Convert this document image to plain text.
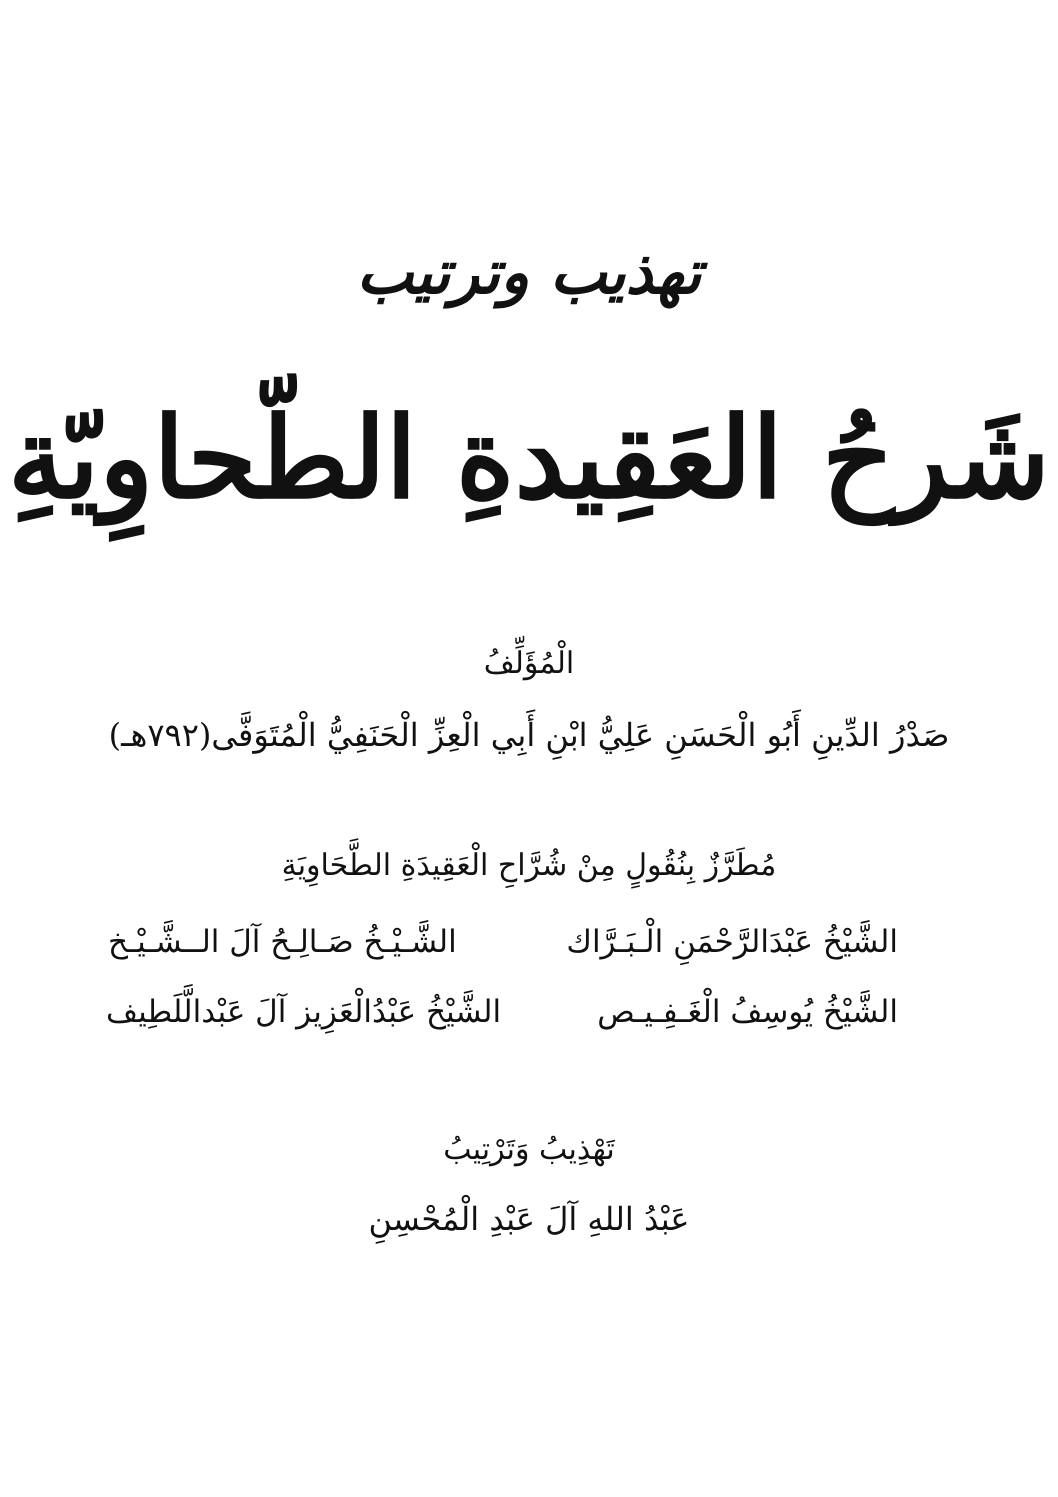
تهذيب وترتيب
شَرحُ العَقِيدةِ الطّحاوِيّةِ
الْمُؤَلِّفُ
صَدْرُ الدِّينِ أَبُو الْحَسَنِ عَلِيُّ ابْنِ أَبِي الْعِزِّ الْحَنَفِيُّ الْمُتَوَفَّى(٧٩٢هـ)
مُطَرَّزٌ بِنُقُولٍ مِنْ شُرَّاحِ الْعَقِيدَةِ الطَّحَاوِيَةِ
الشَّيْخُ عَبْدَالرَّحْمَنِ الْـبَـرَّاك
الشَّـيْـخُ صَـالِـحُ آلَ الــشَّـيْـخ
الشَّيْخُ يُوسِفُ الْغَـفِـيـص
الشَّيْخُ عَبْدُالْعَزِيز آلَ عَبْدالَّلَطِيف
تَهْذِيبُ وَتَرْتِيبُ
عَبْدُ اللهِ آلَ عَبْدِ الْمُحْسِنِ
